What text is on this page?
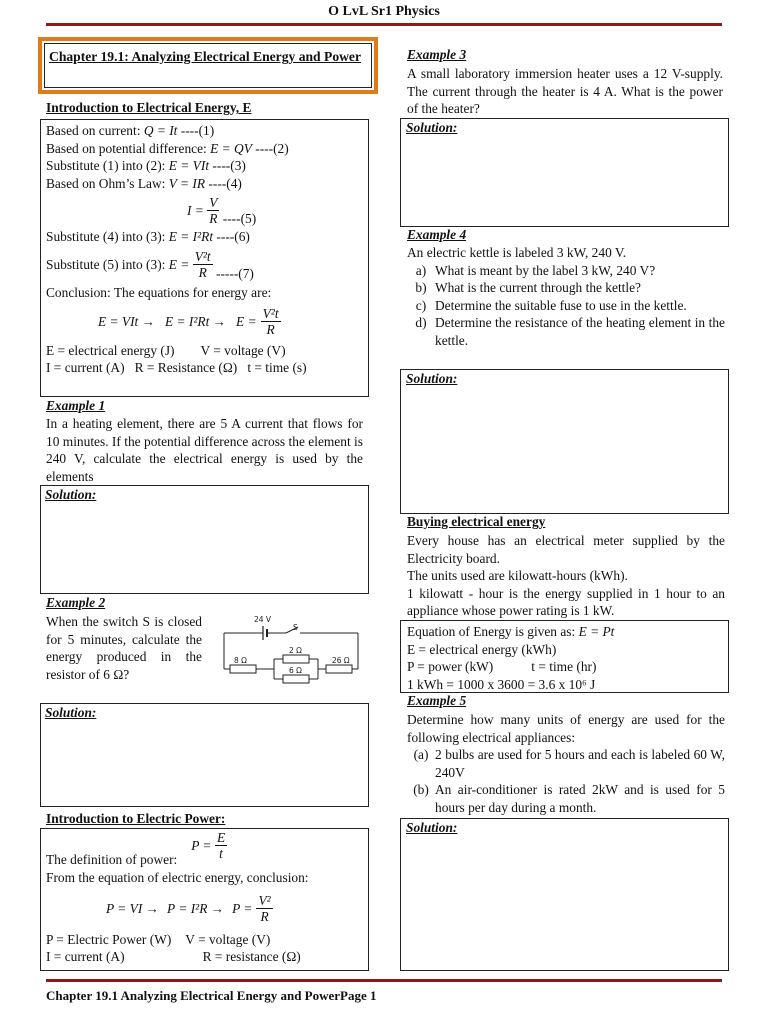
O LvL Sr1 Physics
Chapter 19.1: Analyzing Electrical Energy and Power
Introduction to Electrical Energy, E
Based on current: Q = It ----(1)
Based on potential difference: E = QV ----(2)
Substitute (1) into (2): E = VIt ----(3)
Based on Ohm’s Law: V = IR ----(4)
I =
$\frac{V}{R}$
----(5)
Substitute (4) into (3): E = I²Rt ----(6)
Substitute (5) into (3):
E =
$\frac{\text{V²t}}{R}$
-----(7)
Conclusion: The equations for energy are:
E = VIt → $E = I^2Rt \to E = \frac{\text{V²t}}{R}$
E = electrical energy (J) V = voltage (V)
I = current (A) R = Resistance (Ω) t = time (s)
Example 1
In a heating element, there are 5 A current that flows for 10 minutes. If the potential difference across the element is 240 V, calculate the electrical energy is used by the elements
Solution:
Example 2
When the switch S is closed for 5 minutes, calculate the energy produced in the resistor of 6 Ω?
24 V
S
8 Ω
2 Ω
6 Ω
26 Ω
Solution:
Introduction to Electric Power:
The definition of power:
P =
$\frac{E}{t}$
From the equation of electric energy, conclusion:
P = VI → $P = I^2R \to P = \frac{\text{V²}}{R}$
P = Electric Power (W) V = voltage (V)
I = current (A)	R = resistance (Ω)
Example 3
A small laboratory immersion heater uses a 12 V-supply. The current through the heater is 4 A. What is the power of the heater?
Solution:
Example 4
An electric kettle is labeled 3 kW, 240 V.
a) What is meant by the label 3 kW, 240 V?
b) What is the current through the kettle?
c) Determine the suitable fuse to use in the kettle.
d) Determine the resistance of the heating element in the kettle.
Solution:
Buying electrical energy
Every house has an electrical meter supplied by the Electricity board.
The units used are kilowatt-hours (kWh).
1 kilowatt - hour is the energy supplied in 1 hour to an appliance whose power rating is 1 kW.
Equation of Energy is given as: E = Pt
E = electrical energy (kWh)
P = power (kW)	t = time (hr)
1 kWh = 1000 x 3600 = 3.6 x 10⁶ J
Example 5
Determine how many units of energy are used for the following electrical appliances:
(a) 2 bulbs are used for 5 hours and each is labeled 60 W, 240V
(b) An air-conditioner is rated 2kW and is used for 5 hours per day during a month.
Solution:
Chapter 19.1 Analyzing Electrical Energy and PowerPage 1
